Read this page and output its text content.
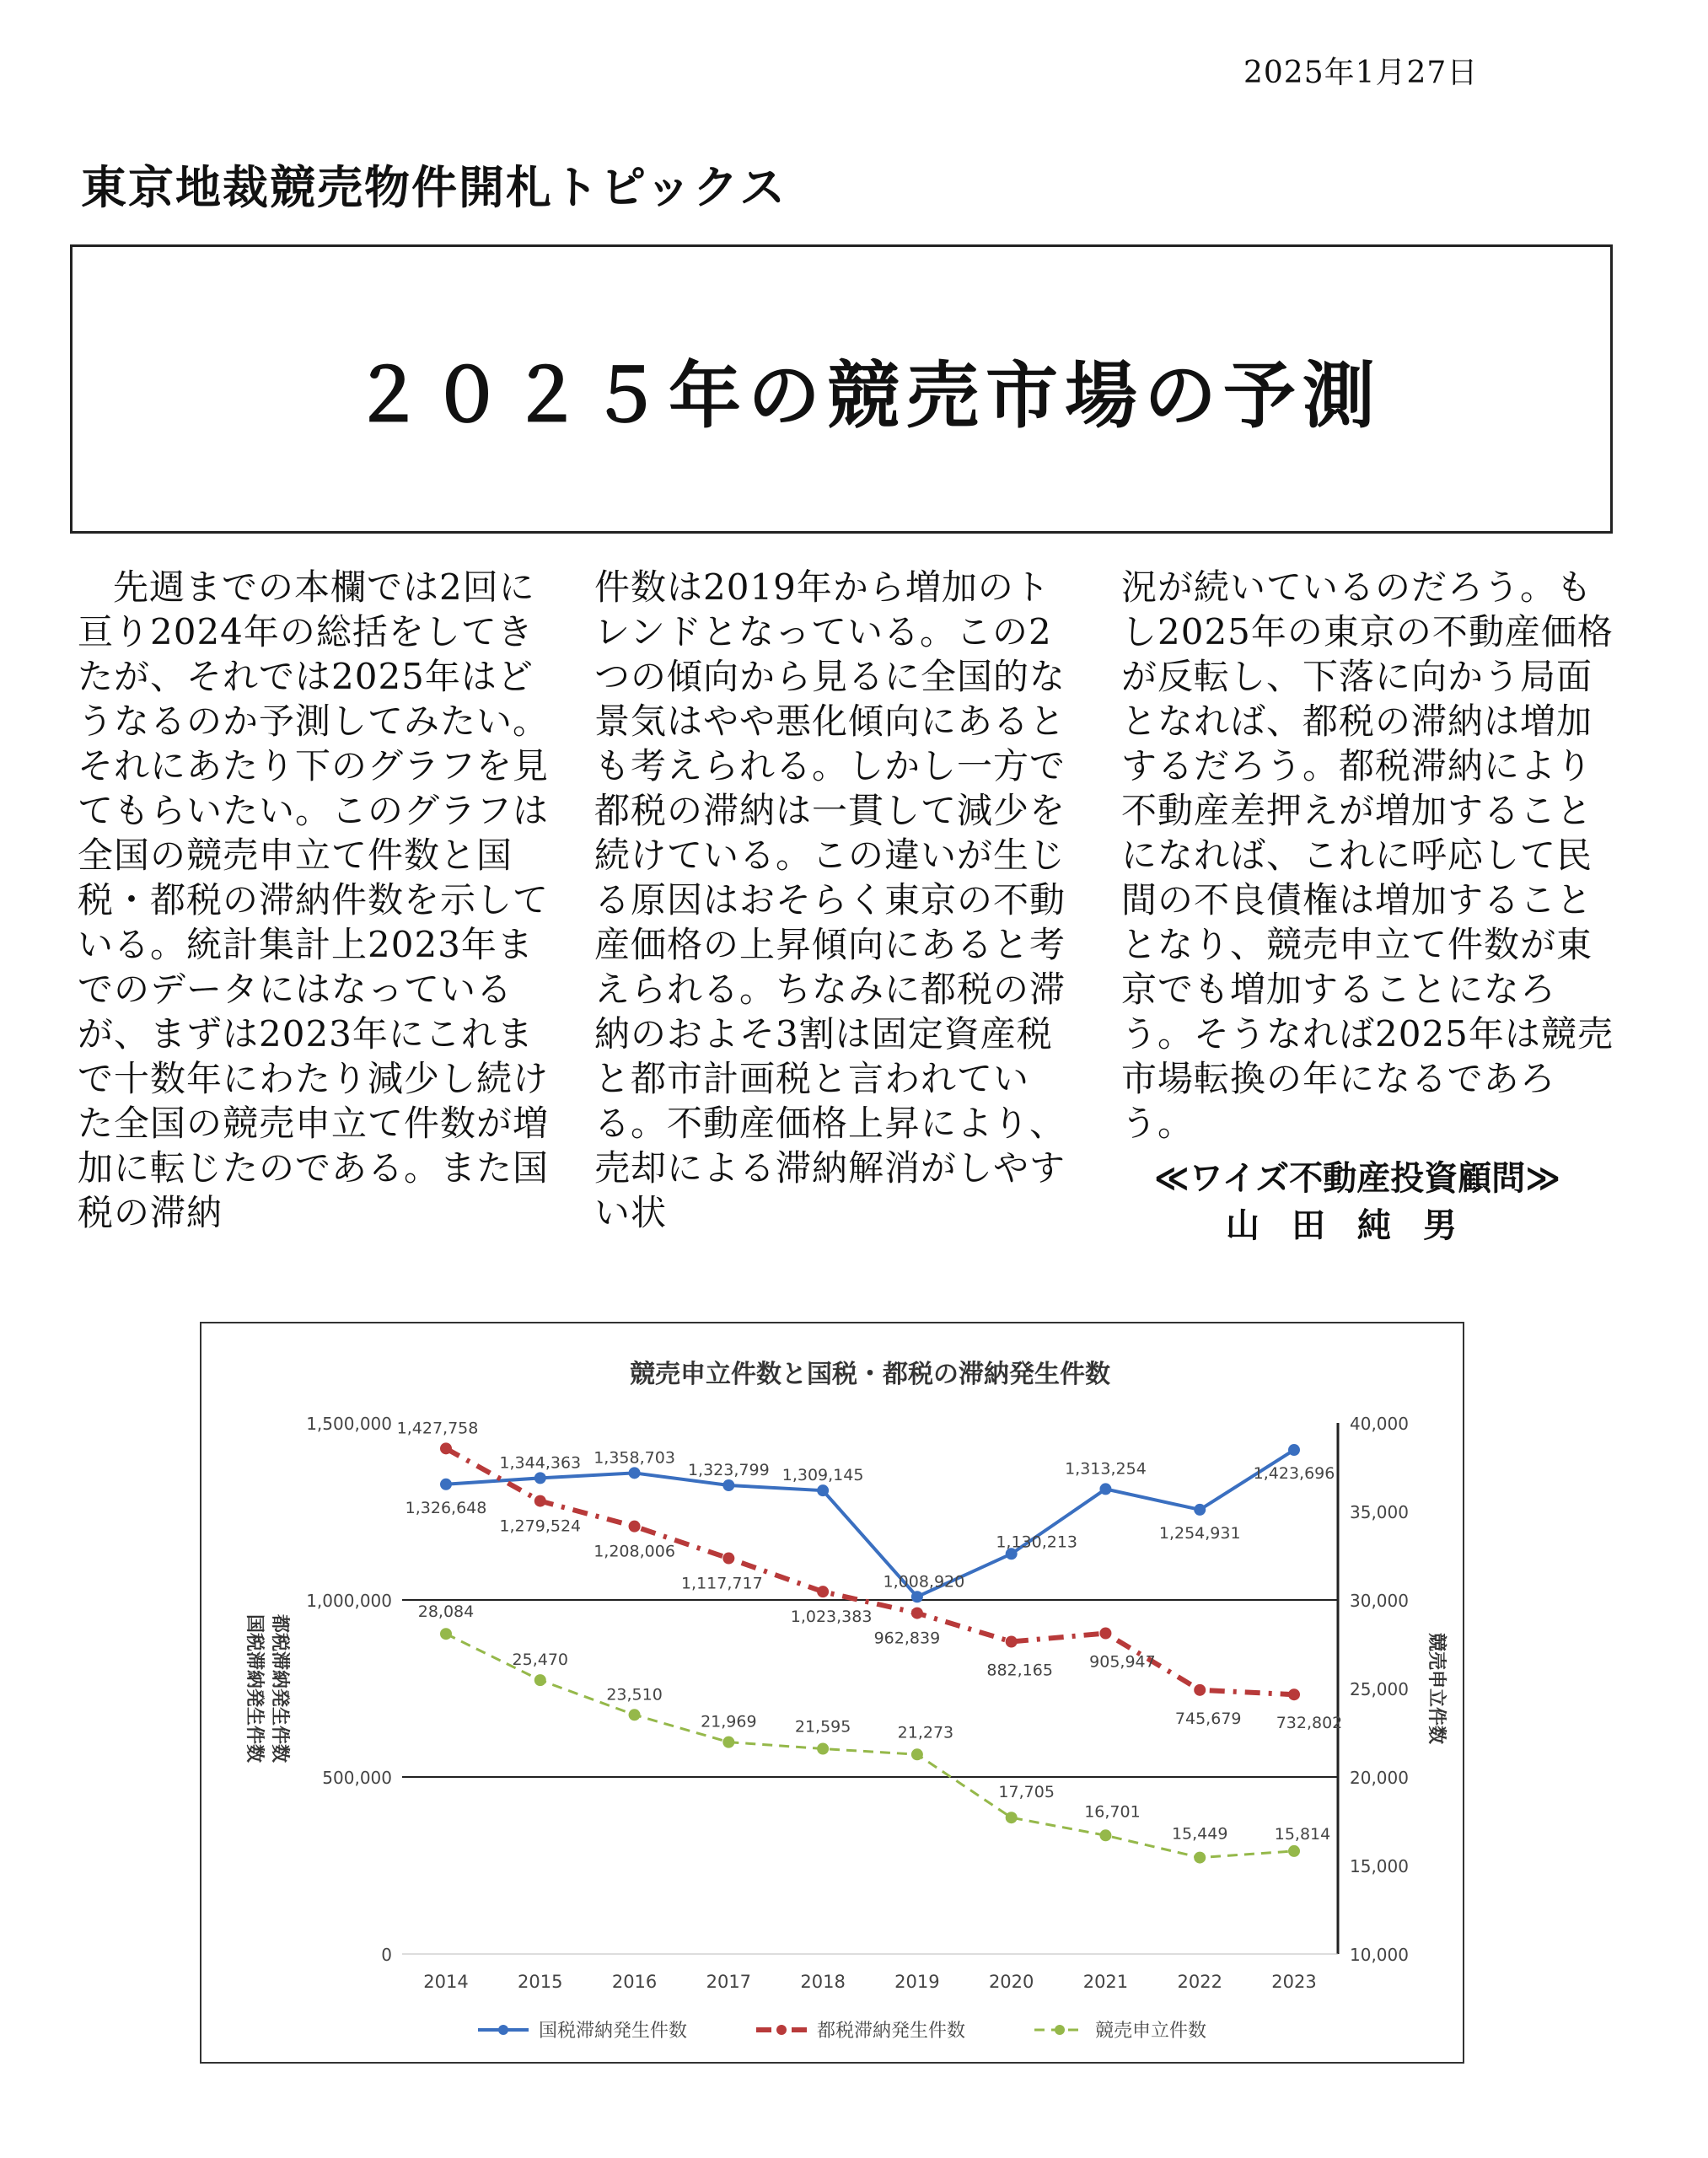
2025年1月27日
東京地裁競売物件開札トピックス
２０２５年の競売市場の予測

先週までの本欄では2回に亘り2024年の総括をしてきたが、それでは2025年はどうなるのか予測してみたい。それにあたり下のグラフを見てもらいたい。このグラフは全国の競売申立て件数と国税・都税の滞納件数を示している。統計集計上2023年までのデータにはなっているが、まずは2023年にこれまで十数年にわたり減少し続けた全国の競売申立て件数が増加に転じたのである。また国税の滞納

件数は2019年から増加のトレンドとなっている。この2つの傾向から見るに全国的な景気はやや悪化傾向にあるとも考えられる。しかし一方で都税の滞納は一貫して減少を続けている。この違いが生じる原因はおそらく東京の不動産価格の上昇傾向にあると考えられる。ちなみに都税の滞納のおよそ3割は固定資産税と都市計画税と言われている。不動産価格上昇により、売却による滞納解消がしやすい状

況が続いているのだろう。もし2025年の東京の不動産価格が反転し、下落に向かう局面となれば、都税の滞納は増加するだろう。都税滞納により不動産差押えが増加することになれば、これに呼応して民間の不良債権は増加することとなり、競売申立て件数が東京でも増加することになろう。そうなれば2025年は競売市場転換の年になるであろう。

≪ワイズ不動産投資顧問≫
山田純男
競売申立件数と国税・都税の滞納発生件数
0
500,000
1,000,000
1,500,000
10,000
15,000
20,000
25,000
30,000
35,000
40,000
2014	2015	2016	2017	2018	2019	2020	2021	2022	2023
国税滞納発生件数 都税滞納発生件数	競売申立件数
1,326,648
1,344,363 1,358,703
1,323,799 1,309,145
1,008,920
1,130,213
1,313,254
1,254,931
1,423,696
1,427,758
1,279,524
1,208,006
1,117,717
1,023,383
962,839
882,165 905,947
745,679 732,802
28,084
25,470
23,510
21,969 21,595	21,273
17,705
16,701
15,449	15,814
国税滞納発生件数	都税滞納発生件数	競売申立件数
